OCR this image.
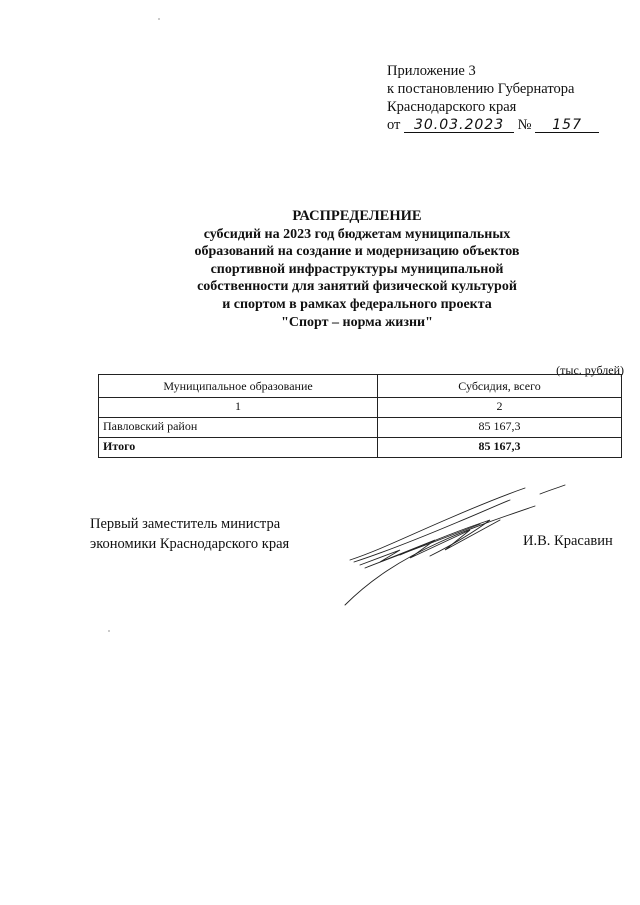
Приложение 3
к постановлению Губернатора
Краснодарского края
от 30.03.2023 № 157
РАСПРЕДЕЛЕНИЕ
субсидий на 2023 год бюджетам муниципальных
образований на создание и модернизацию объектов
спортивной инфраструктуры муниципальной
собственности для занятий физической культурой
и спортом в рамках федерального проекта
"Спорт – норма жизни"
(тыс. рублей)
Муниципальное образование	Субсидия, всего
1	2
Павловский район	85 167,3
Итого	85 167,3
Первый заместитель министра
экономики Краснодарского края	И.В. Красавин
